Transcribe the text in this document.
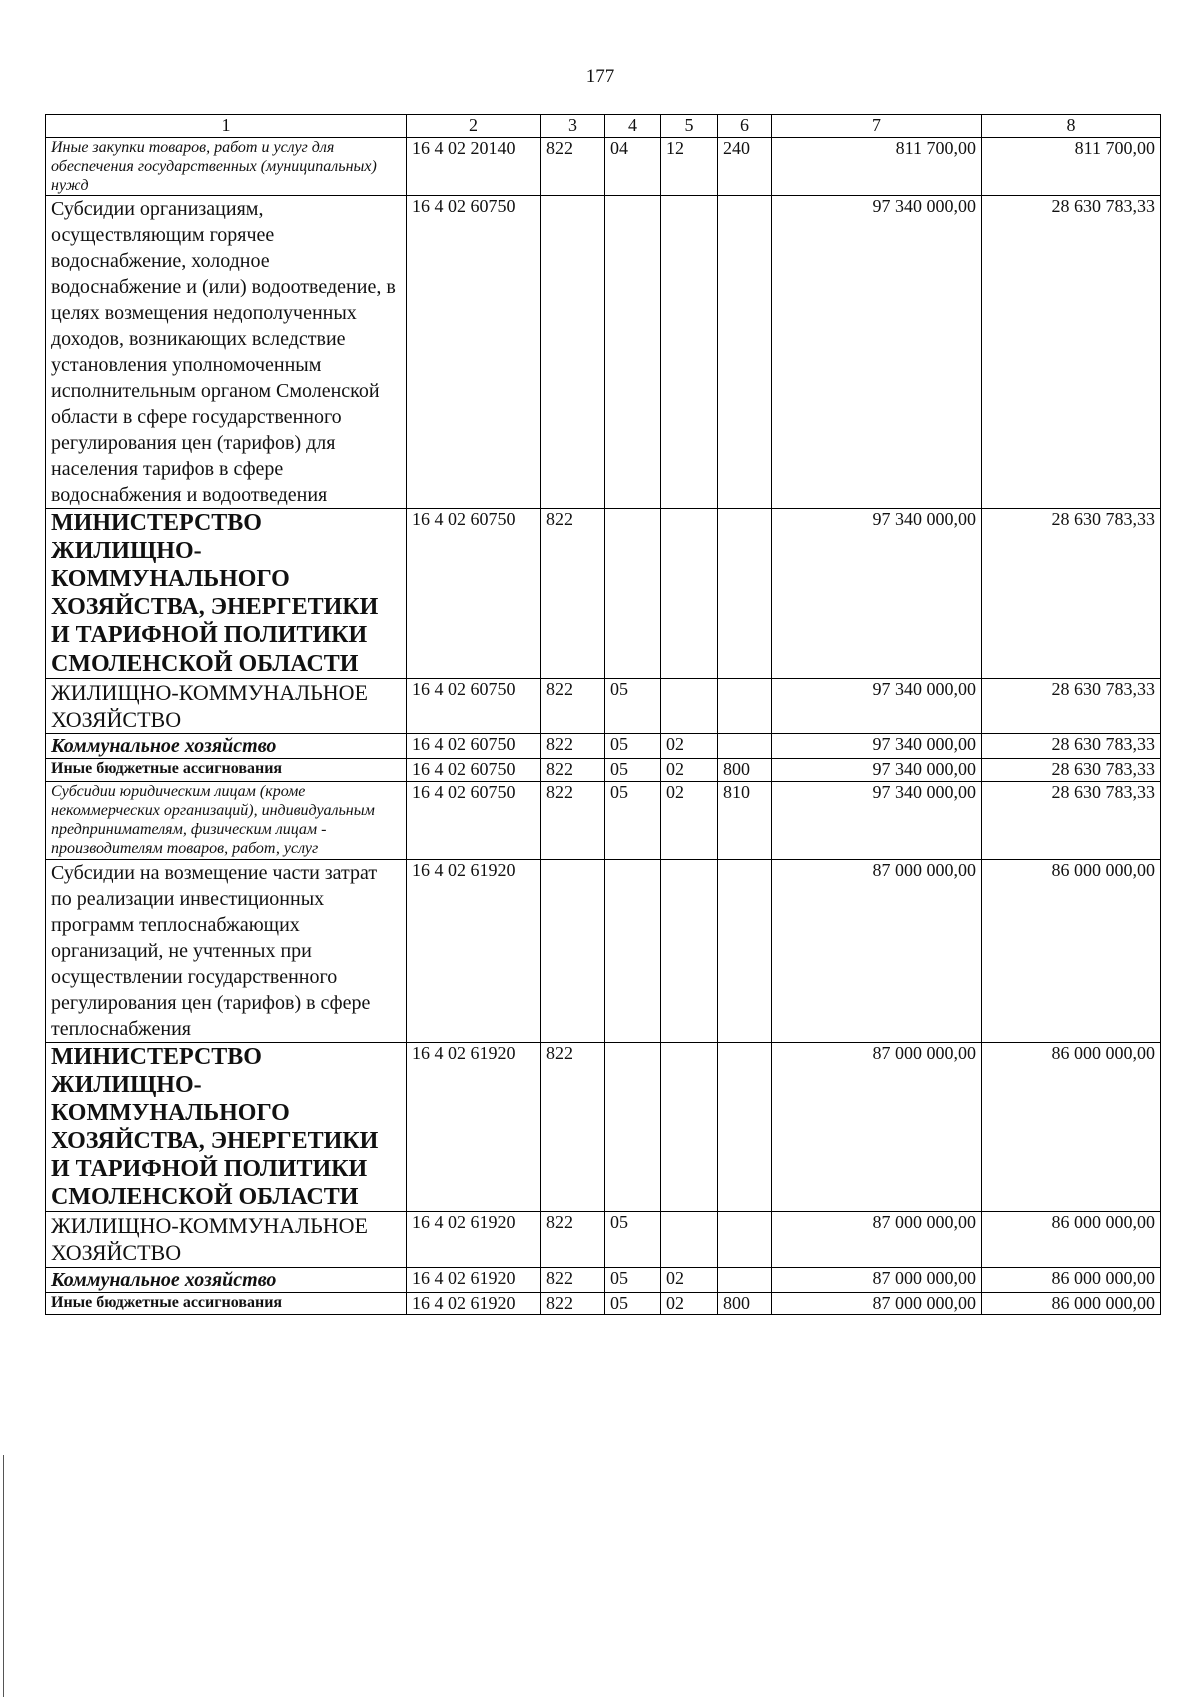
177
1	2	3	4	5	6	7	8

Иные закупки товаров, работ и услуг для обеспечения государственных (муниципальных) нужд	16 4 02 20140	822	04	12	240	811 700,00	811 700,00

Субсидии организациям, осуществляющим горячее водоснабжение, холодное водоснабжение и (или) водоотведение, в целях возмещения недополученных доходов, возникающих вследствие установления уполномоченным исполнительным органом Смоленской области в сфере государственного регулирования цен (тарифов) для населения тарифов в сфере водоснабжения и водоотведения	16 4 02 60750					97 340 000,00	28 630 783,33

МИНИСТЕРСТВО ЖИЛИЩНО-КОММУНАЛЬНОГО ХОЗЯЙСТВА, ЭНЕРГЕТИКИ И ТАРИФНОЙ ПОЛИТИКИ СМОЛЕНСКОЙ ОБЛАСТИ	16 4 02 60750	822				97 340 000,00	28 630 783,33

ЖИЛИЩНО-КОММУНАЛЬНОЕ ХОЗЯЙСТВО	16 4 02 60750	822	05			97 340 000,00	28 630 783,33

Коммунальное хозяйство	16 4 02 60750	822	05	02		97 340 000,00	28 630 783,33

Иные бюджетные ассигнования	16 4 02 60750	822	05	02	800	97 340 000,00	28 630 783,33

Субсидии юридическим лицам (кроме некоммерческих организаций), индивидуальным предпринимателям, физическим лицам - производителям товаров, работ, услуг	16 4 02 60750	822	05	02	810	97 340 000,00	28 630 783,33

Субсидии на возмещение части затрат по реализации инвестиционных программ теплоснабжающих организаций, не учтенных при осуществлении государственного регулирования цен (тарифов) в сфере теплоснабжения	16 4 02 61920					87 000 000,00	86 000 000,00

МИНИСТЕРСТВО ЖИЛИЩНО-КОММУНАЛЬНОГО ХОЗЯЙСТВА, ЭНЕРГЕТИКИ И ТАРИФНОЙ ПОЛИТИКИ СМОЛЕНСКОЙ ОБЛАСТИ	16 4 02 61920	822				87 000 000,00	86 000 000,00

ЖИЛИЩНО-КОММУНАЛЬНОЕ ХОЗЯЙСТВО	16 4 02 61920	822	05			87 000 000,00	86 000 000,00

Коммунальное хозяйство	16 4 02 61920	822	05	02		87 000 000,00	86 000 000,00

Иные бюджетные ассигнования	16 4 02 61920	822	05	02	800	87 000 000,00	86 000 000,00
